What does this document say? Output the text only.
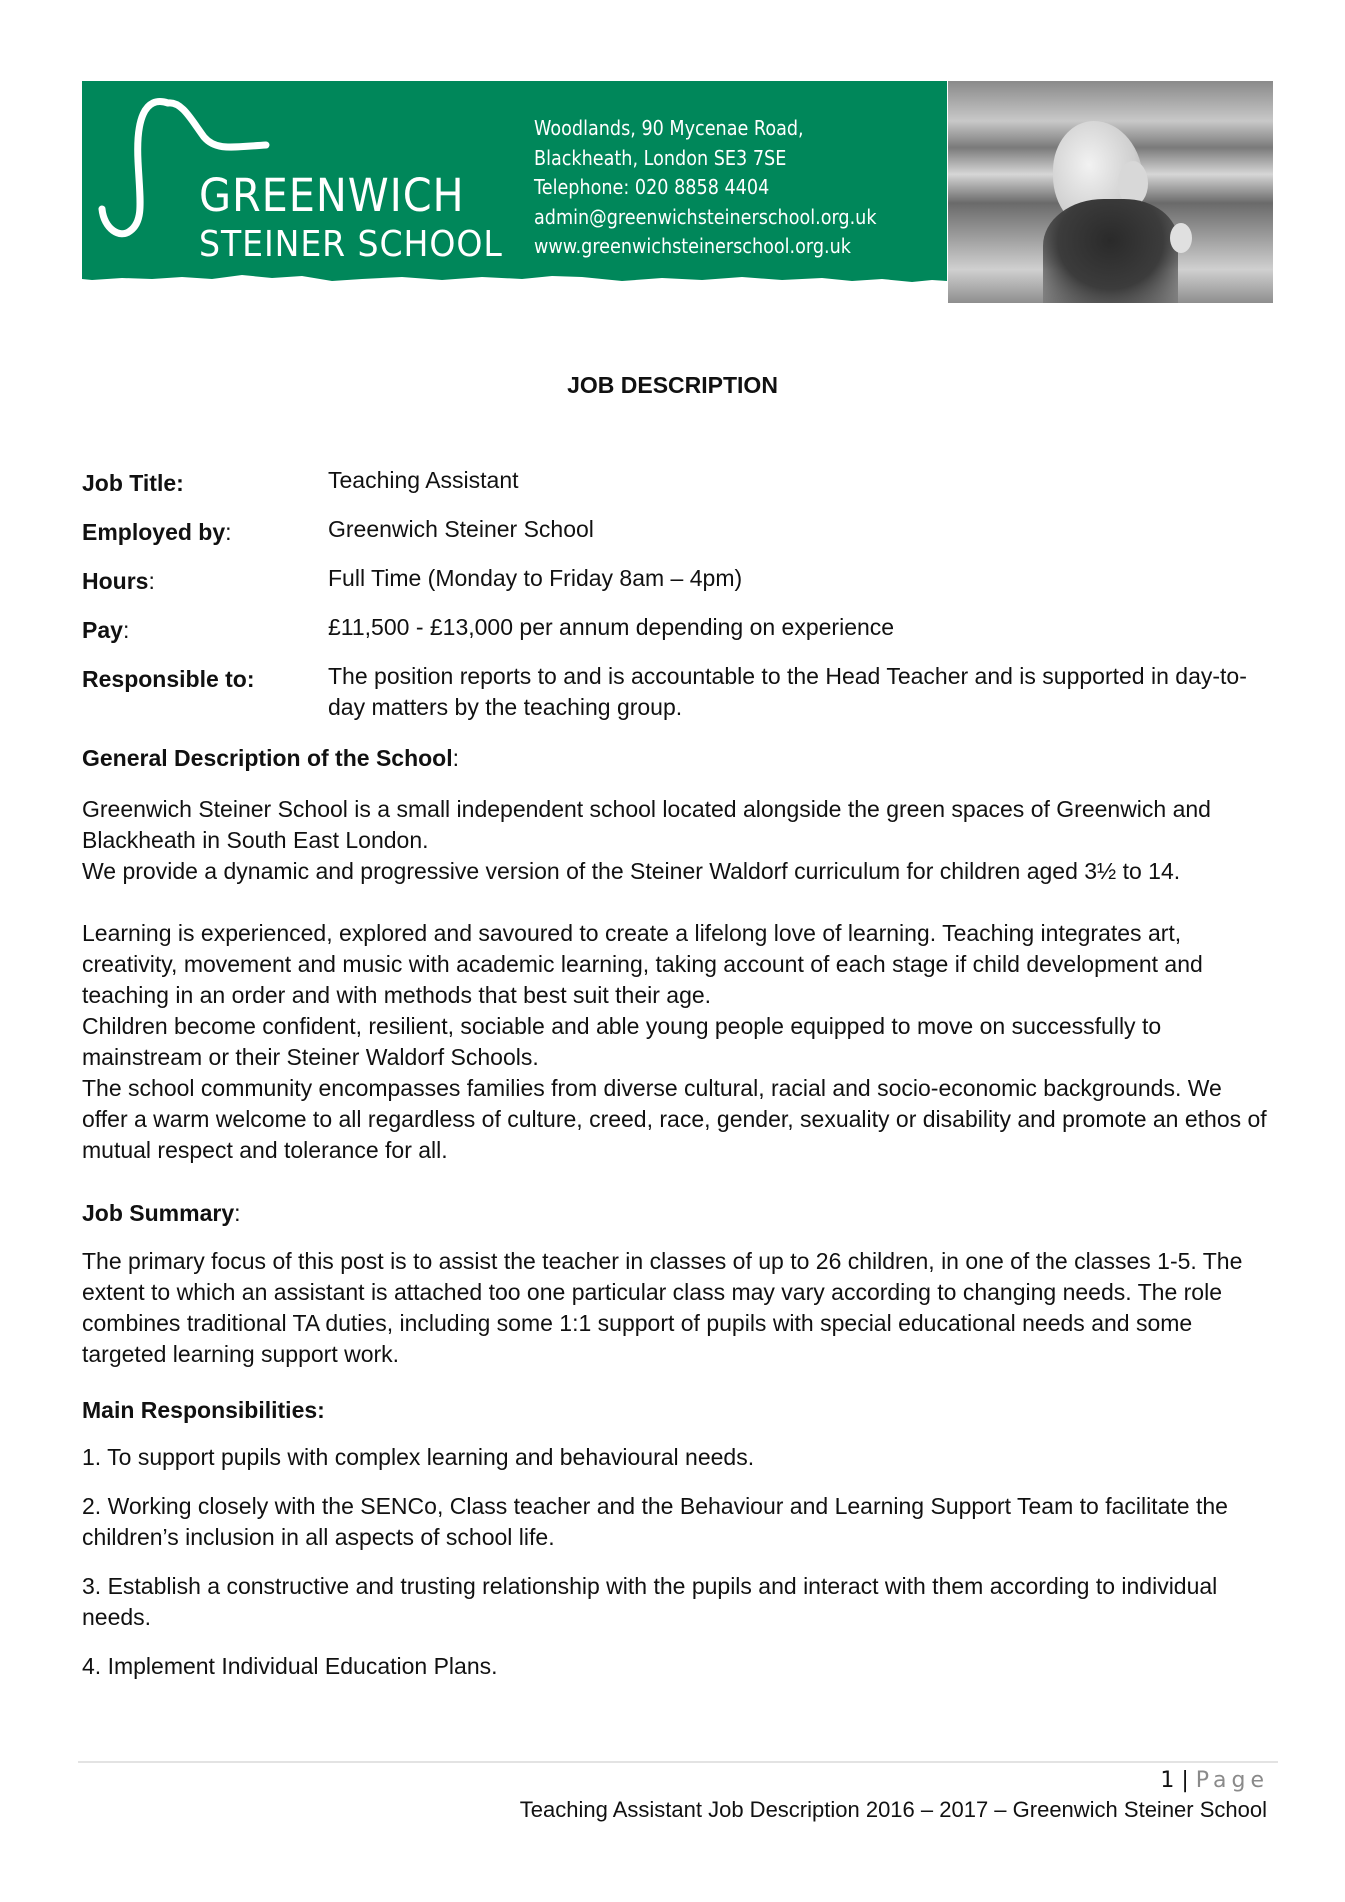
GREENWICH
STEINER SCHOOL
Woodlands, 90 Mycenae Road,
Blackheath, London SE3 7SE
Telephone: 020 8858 4404
admin@greenwichsteinerschool.org.uk
www.greenwichsteinerschool.org.uk
JOB DESCRIPTION
Job Title:	Teaching Assistant
Employed by:	Greenwich Steiner School
Hours:	Full Time (Monday to Friday 8am – 4pm)
Pay:	£11,500 - £13,000 per annum depending on experience
Responsible to:	The position reports to and is accountable to the Head Teacher and is supported in day-to-day matters by the teaching group.
General Description of the School:
Greenwich Steiner School is a small independent school located alongside the green spaces of Greenwich and Blackheath in South East London.
We provide a dynamic and progressive version of the Steiner Waldorf curriculum for children aged 3½ to 14.
Learning is experienced, explored and savoured to create a lifelong love of learning. Teaching integrates art, creativity, movement and music with academic learning, taking account of each stage if child development and teaching in an order and with methods that best suit their age.
Children become confident, resilient, sociable and able young people equipped to move on successfully to mainstream or their Steiner Waldorf Schools.
The school community encompasses families from diverse cultural, racial and socio-economic backgrounds. We offer a warm welcome to all regardless of culture, creed, race, gender, sexuality or disability and promote an ethos of mutual respect and tolerance for all.
Job Summary:
The primary focus of this post is to assist the teacher in classes of up to 26 children, in one of the classes 1-5. The extent to which an assistant is attached too one particular class may vary according to changing needs. The role combines traditional TA duties, including some 1:1 support of pupils with special educational needs and some targeted learning support work.
Main Responsibilities:
1. To support pupils with complex learning and behavioural needs.
2. Working closely with the SENCo, Class teacher and the Behaviour and Learning Support Team to facilitate the children’s inclusion in all aspects of school life.
3. Establish a constructive and trusting relationship with the pupils and interact with them according to individual needs.
4. Implement Individual Education Plans.
1 | Page
Teaching Assistant Job Description 2016 – 2017 – Greenwich Steiner School
